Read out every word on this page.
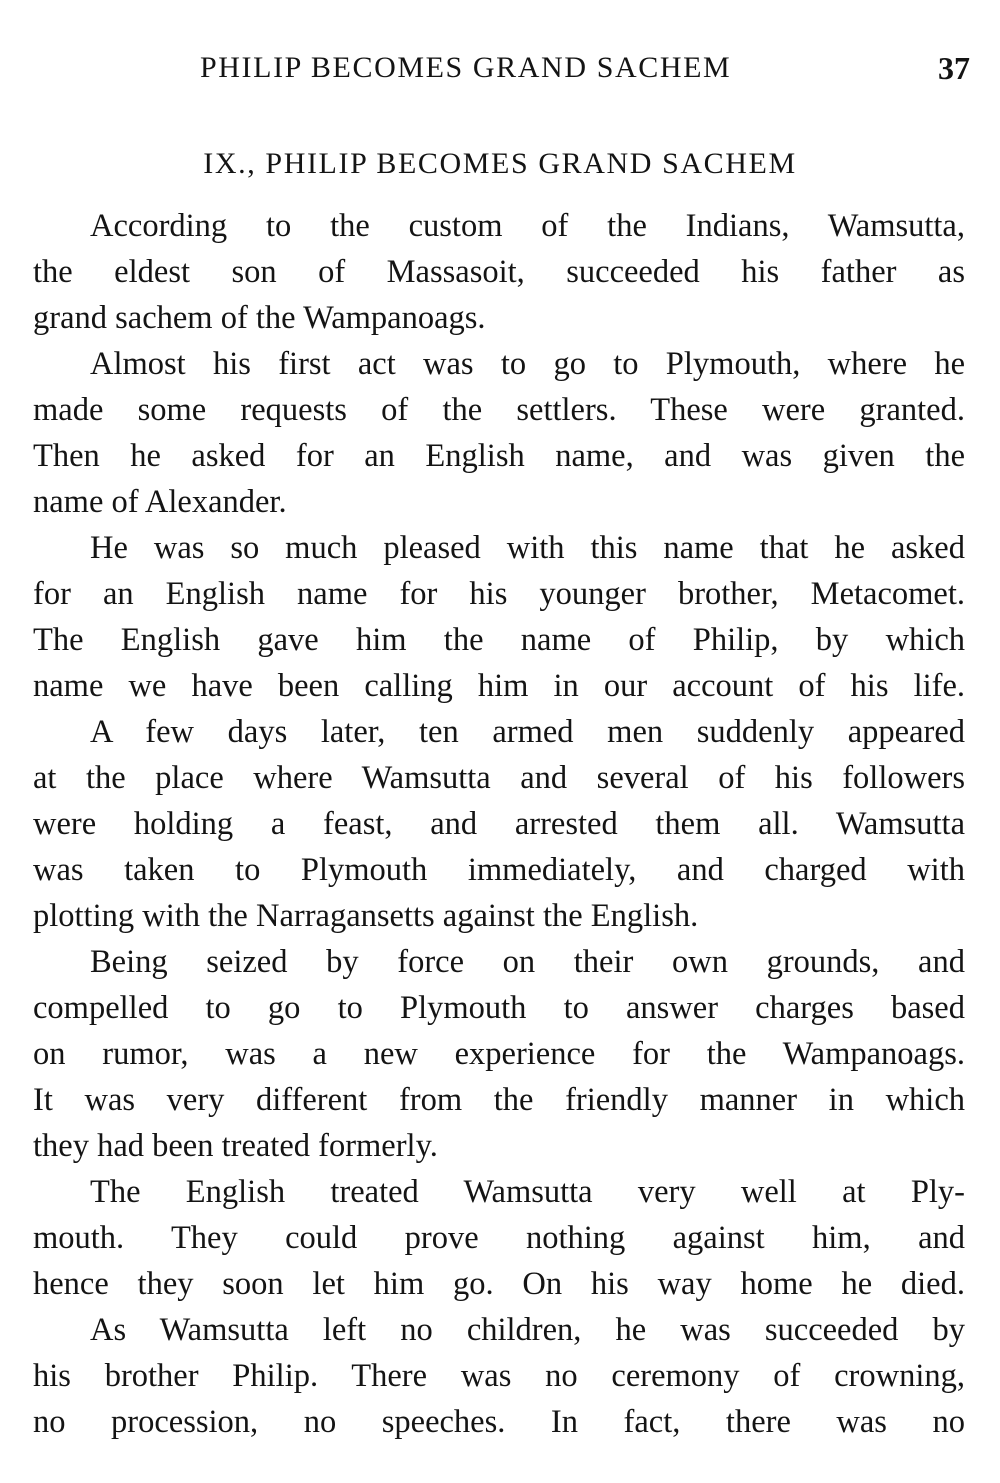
PHILIP BECOMES GRAND SACHEM	37
IX., PHILIP BECOMES GRAND SACHEM
According to the custom of the Indians, Wamsutta,
the eldest son of Massasoit, succeeded his father as
grand sachem of the Wampanoags.
Almost his first act was to go to Plymouth, where he
made some requests of the settlers. These were granted.
Then he asked for an English name, and was given the
name of Alexander.
He was so much pleased with this name that he asked
for an English name for his younger brother, Metacomet.
The English gave him the name of Philip, by which
name we have been calling him in our account of his life.
A few days later, ten armed men suddenly appeared
at the place where Wamsutta and several of his followers
were holding a feast, and arrested them all. Wamsutta
was taken to Plymouth immediately, and charged with
plotting with the Narragansetts against the English.
Being seized by force on their own grounds, and
compelled to go to Plymouth to answer charges based
on rumor, was a new experience for the Wampanoags.
It was very different from the friendly manner in which
they had been treated formerly.
The English treated Wamsutta very well at Ply-
mouth. They could prove nothing against him, and
hence they soon let him go. On his way home he died.
As Wamsutta left no children, he was succeeded by
his brother Philip. There was no ceremony of crowning,
no procession, no speeches. In fact, there was no
